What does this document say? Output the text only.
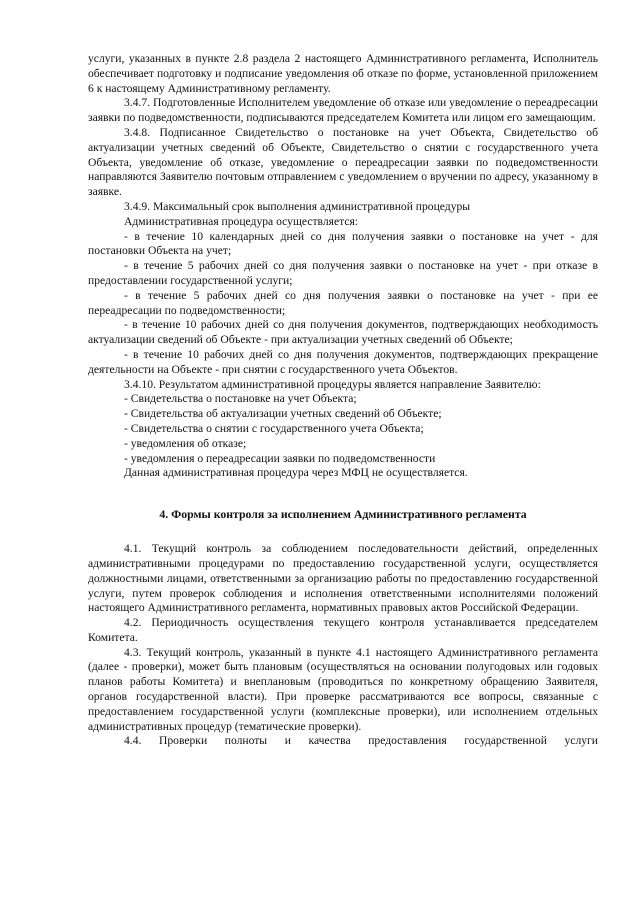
услуги, указанных в пункте 2.8 раздела 2 настоящего Административного регламента, Исполнитель обеспечивает подготовку и подписание уведомления об отказе по форме, установленной приложением 6 к настоящему Административному регламенту.

3.4.7. Подготовленные Исполнителем уведомление об отказе или уведомление о переадресации заявки по подведомственности, подписываются председателем Комитета или лицом его замещающим.

3.4.8. Подписанное Свидетельство о постановке на учет Объекта, Свидетельство об актуализации учетных сведений об Объекте, Свидетельство о снятии с государственного учета Объекта, уведомление об отказе, уведомление о переадресации заявки по подведомственности направляются Заявителю почтовым отправлением с уведомлением о вручении по адресу, указанному в заявке.

3.4.9. Максимальный срок выполнения административной процедуры

Административная процедура осуществляется:

- в течение 10 календарных дней со дня получения заявки о постановке на учет - для постановки Объекта на учет;

- в течение 5 рабочих дней со дня получения заявки о постановке на учет - при отказе в предоставлении государственной услуги;

- в течение 5 рабочих дней со дня получения заявки о постановке на учет - при ее переадресации по подведомственности;

- в течение 10 рабочих дней со дня получения документов, подтверждающих необходимость актуализации сведений об Объекте - при актуализации учетных сведений об Объекте;

- в течение 10 рабочих дней со дня получения документов, подтверждающих прекращение деятельности на Объекте - при снятии с государственного учета Объектов.

3.4.10. Результатом административной процедуры является направление Заявителю:

- Свидетельства о постановке на учет Объекта;

- Свидетельства об актуализации учетных сведений об Объекте;

- Свидетельства о снятии с государственного учета Объекта;

- уведомления об отказе;

- уведомления о переадресации заявки по подведомственности

Данная административная процедура через МФЦ не осуществляется.

4. Формы контроля за исполнением Административного регламента

4.1. Текущий контроль за соблюдением последовательности действий, определенных административными процедурами по предоставлению государственной услуги, осуществляется должностными лицами, ответственными за организацию работы по предоставлению государственной услуги, путем проверок соблюдения и исполнения ответственными исполнителями положений настоящего Административного регламента, нормативных правовых актов Российской Федерации.

4.2. Периодичность осуществления текущего контроля устанавливается председателем Комитета.

4.3. Текущий контроль, указанный в пункте 4.1 настоящего Административного регламента (далее - проверки), может быть плановым (осуществляться на основании полугодовых или годовых планов работы Комитета) и внеплановым (проводиться по конкретному обращению Заявителя, органов государственной власти). При проверке рассматриваются все вопросы, связанные с предоставлением государственной услуги (комплексные проверки), или исполнением отдельных административных процедур (тематические проверки).

4.4. Проверки полноты и качества предоставления государственной услуги
